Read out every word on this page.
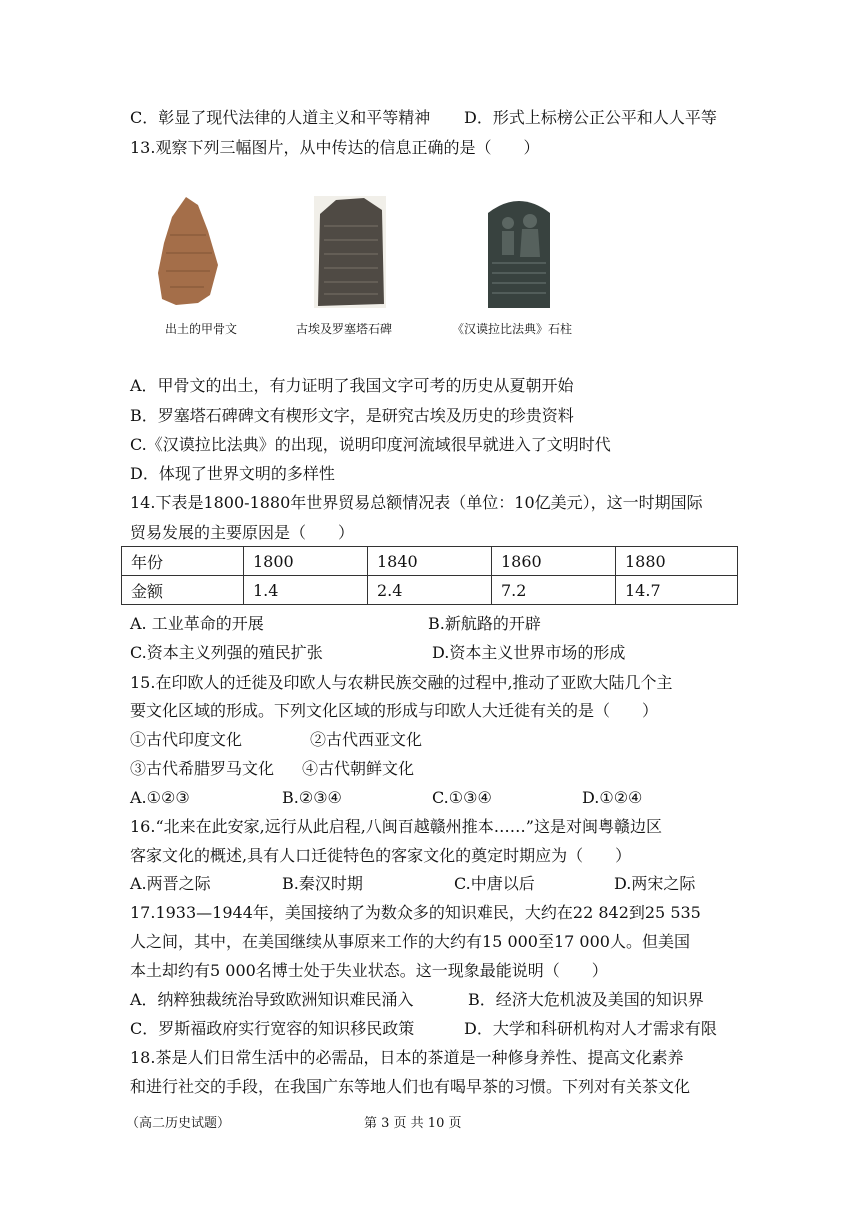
C．彰显了现代法律的人道主义和平等精神 D．形式上标榜公正公平和人人平等
13.观察下列三幅图片，从中传达的信息正确的是（　　）
出土的甲骨文	古埃及罗塞塔石碑	《汉谟拉比法典》石柱
A．甲骨文的出土，有力证明了我国文字可考的历史从夏朝开始
B．罗塞塔石碑碑文有楔形文字，是研究古埃及历史的珍贵资料
C.《汉谟拉比法典》的出现，说明印度河流域很早就进入了文明时代
D．体现了世界文明的多样性
14.下表是1800-1880年世界贸易总额情况表（单位：10亿美元），这一时期国际
贸易发展的主要原因是（　　）
年份	1800	1840	1860	1880
金额	1.4	2.4	7.2	14.7
A. 工业革命的开展	B.新航路的开辟
C.资本主义列强的殖民扩张	D.资本主义世界市场的形成
15.在印欧人的迁徙及印欧人与农耕民族交融的过程中,推动了亚欧大陆几个主
要文化区域的形成。下列文化区域的形成与印欧人大迁徙有关的是（　　）
①古代印度文化	②古代西亚文化
③古代希腊罗马文化 ④古代朝鲜文化
A.①②③	B.②③④	C.①③④	D.①②④
16.“北来在此安家,远行从此启程,八闽百越赣州推本……”这是对闽粤赣边区
客家文化的概述,具有人口迁徙特色的客家文化的奠定时期应为（　　）
A.两晋之际	B.秦汉时期	C.中唐以后	D.两宋之际
17.1933—1944年，美国接纳了为数众多的知识难民，大约在22 842到25 535
人之间，其中，在美国继续从事原来工作的大约有15 000至17 000人。但美国
本土却约有5 000名博士处于失业状态。这一现象最能说明（　　）
A．纳粹独裁统治导致欧洲知识难民涌入	B．经济大危机波及美国的知识界
C．罗斯福政府实行宽容的知识移民政策	D．大学和科研机构对人才需求有限
18.茶是人们日常生活中的必需品，日本的茶道是一种修身养性、提高文化素养
和进行社交的手段，在我国广东等地人们也有喝早茶的习惯。下列对有关茶文化
（高二历史试题）	第 3 页 共 10 页
